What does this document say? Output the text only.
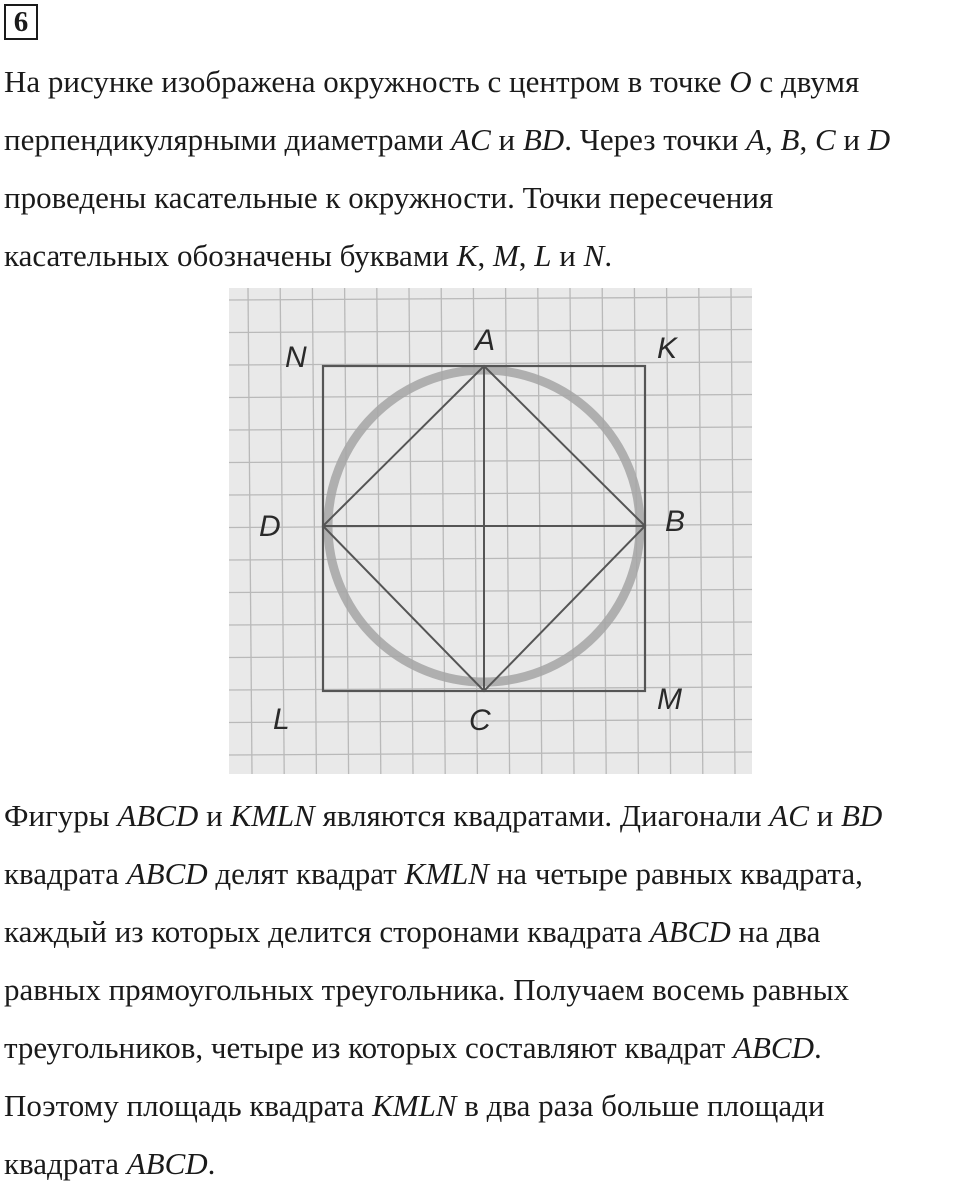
6
На рисунке изображена окружность с центром в точке O с двумя
перпендикулярными диаметрами AC и BD. Через точки A, B, C и D
проведены касательные к окружности. Точки пересечения
касательных обозначены буквами K, M, L и N.
N
A	K
D	B
L	C
M
Фигуры ABCD и KMLN являются квадратами. Диагонали AC и BD
квадрата ABCD делят квадрат KMLN на четыре равных квадрата,
каждый из которых делится сторонами квадрата ABCD на два
равных прямоугольных треугольника. Получаем восемь равных
треугольников, четыре из которых составляют квадрат ABCD.
Поэтому площадь квадрата KMLN в два раза больше площади
квадрата ABCD.
